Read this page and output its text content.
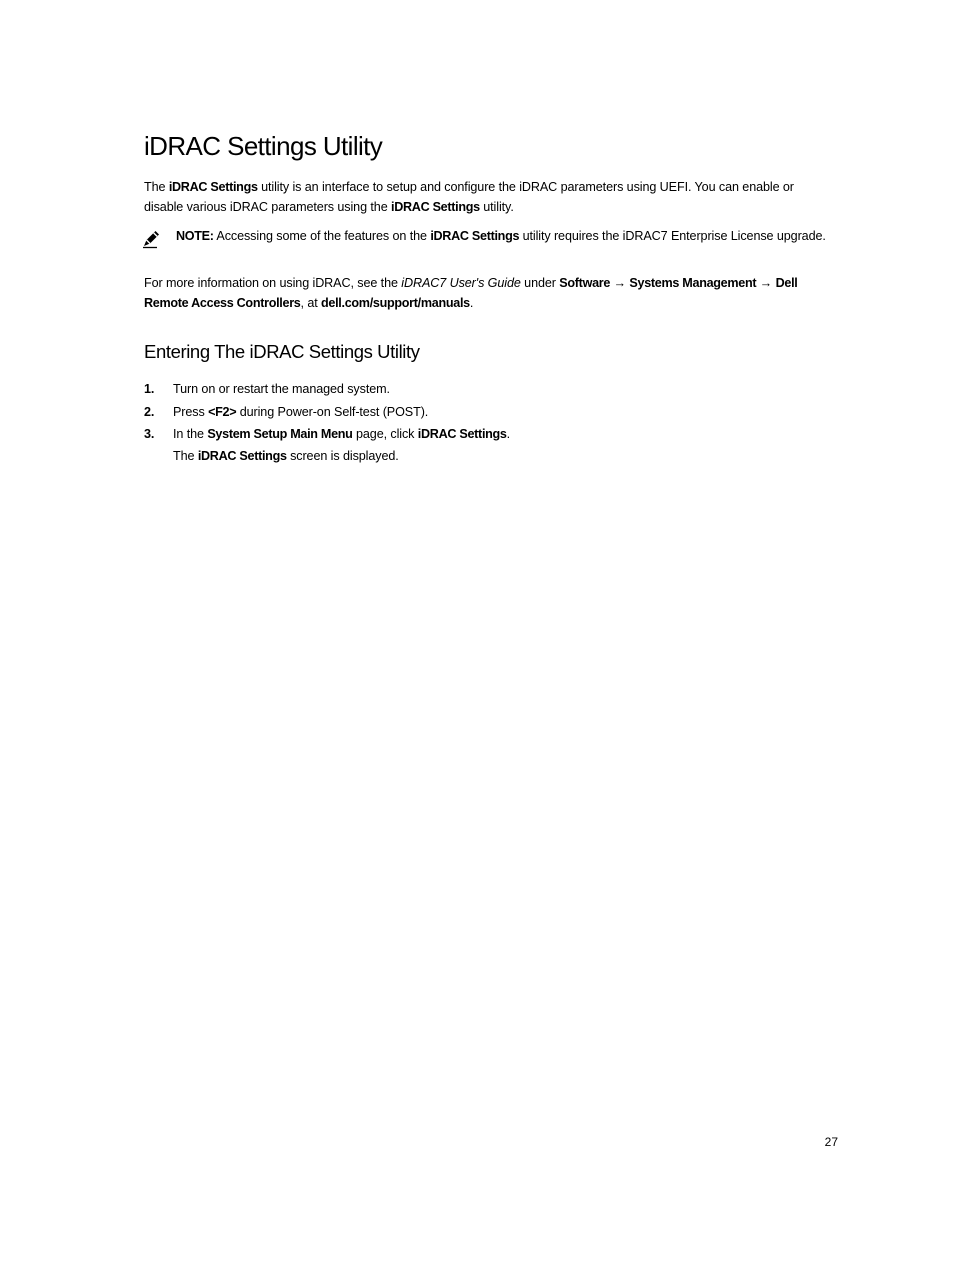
iDRAC Settings Utility

The iDRAC Settings utility is an interface to setup and configure the iDRAC parameters using UEFI. You can enable or disable various iDRAC parameters using the iDRAC Settings utility.

NOTE: Accessing some of the features on the iDRAC Settings utility requires the iDRAC7 Enterprise License upgrade.

For more information on using iDRAC, see the iDRAC7 User's Guide under Software → Systems Management → Dell Remote Access Controllers, at dell.com/support/manuals.

Entering The iDRAC Settings Utility
1. Turn on or restart the managed system.
2. Press <F2> during Power-on Self-test (POST).
3. In the System Setup Main Menu page, click iDRAC Settings.

The iDRAC Settings screen is displayed.

27
